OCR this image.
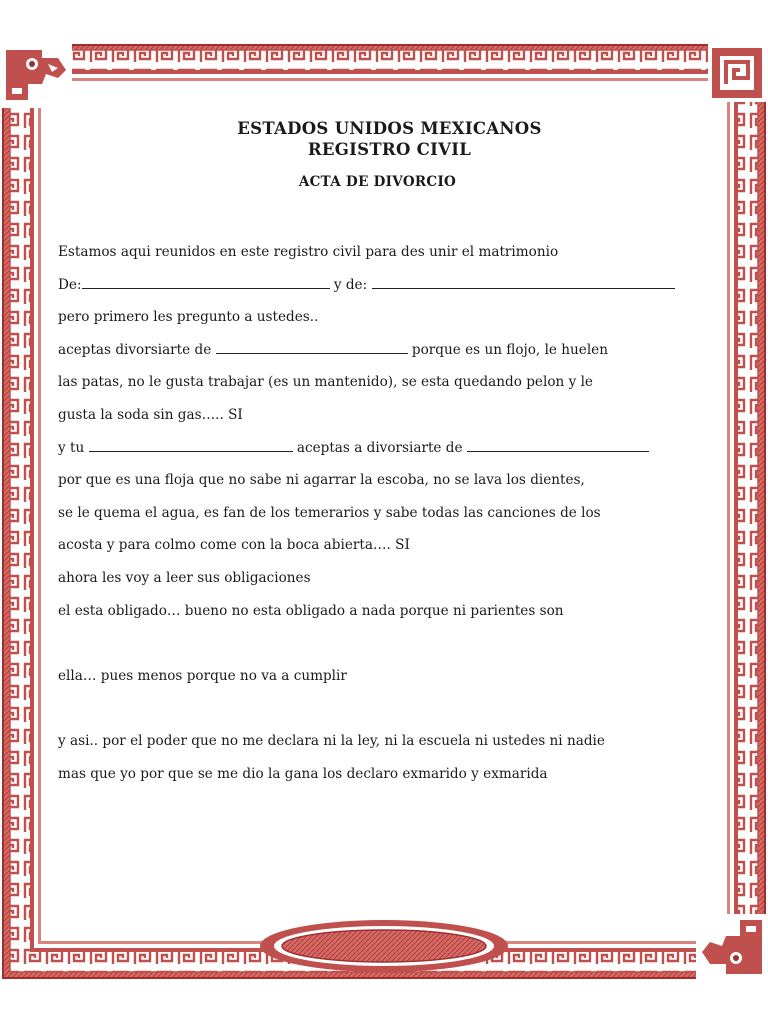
ESTADOS UNIDOS MEXICANOS
REGISTRO CIVIL
ACTA DE DIVORCIO
Estamos aqui reunidos en este registro civil para des unir el matrimonio
De:	y de:
pero primero les pregunto a ustedes..
aceptas divorsiarte de	porque es un flojo, le huelen
las patas, no le gusta trabajar (es un mantenido), se esta quedando pelon y le
gusta la soda sin gas….. SI
y tu	aceptas a divorsiarte de
por que es una floja que no sabe ni agarrar la escoba, no se lava los dientes,
se le quema el agua, es fan de los temerarios y sabe todas las canciones de los
acosta y para colmo come con la boca abierta…. SI
ahora les voy a leer sus obligaciones
el esta obligado… bueno no esta obligado a nada porque ni parientes son
ella… pues menos porque no va a cumplir
y asi.. por el poder que no me declara ni la ley, ni la escuela ni ustedes ni nadie
mas que yo por que se me dio la gana los declaro exmarido y exmarida
